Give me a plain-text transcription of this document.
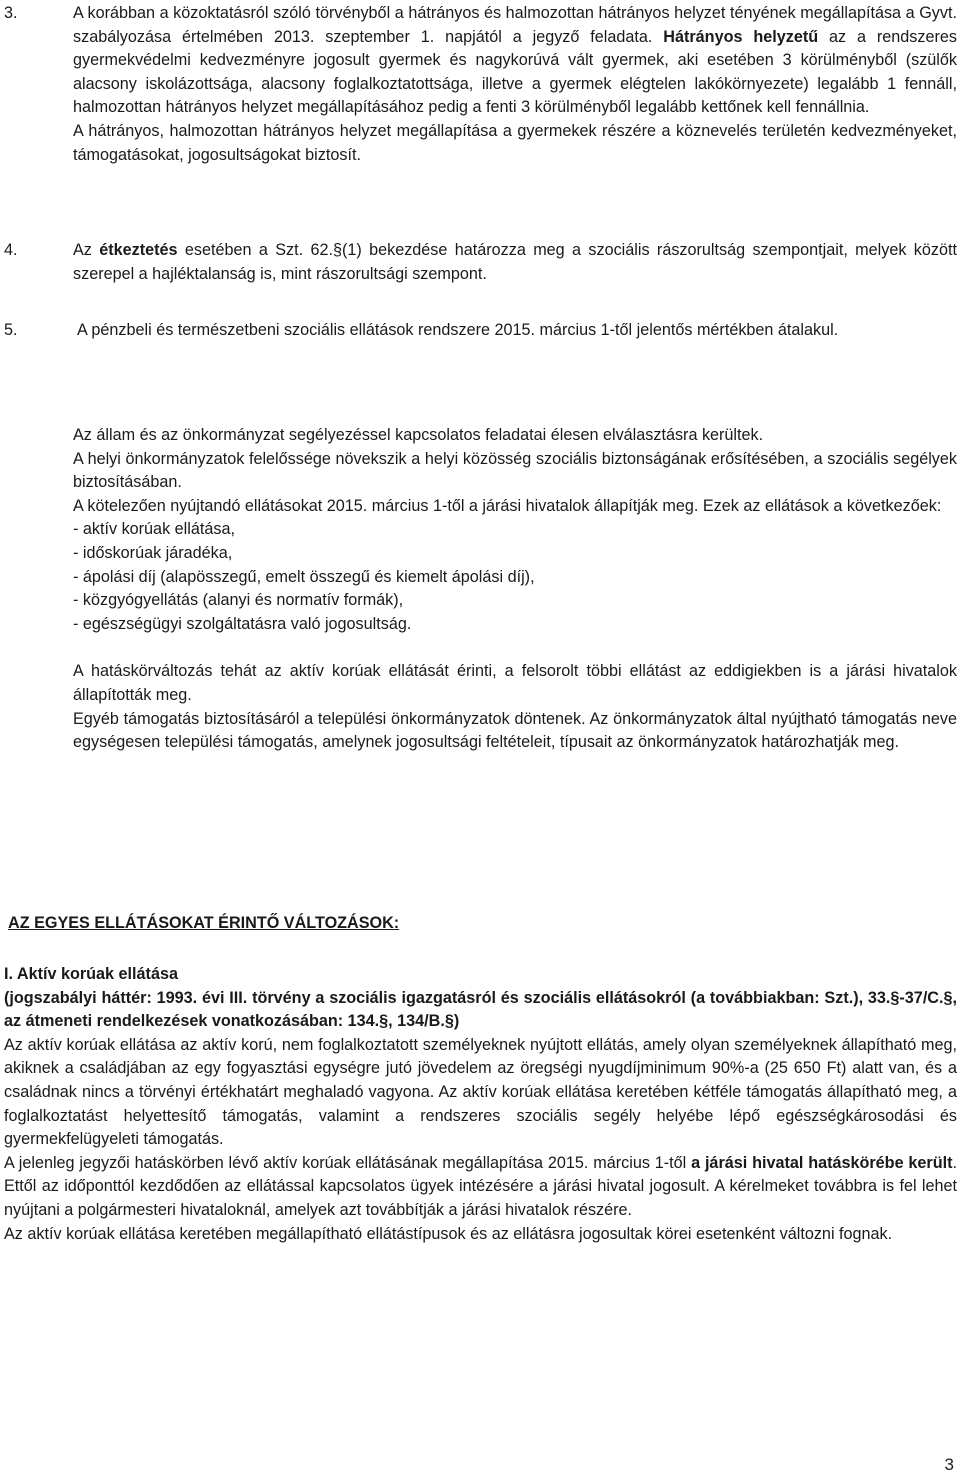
3.	A korábban a közoktatásról szóló törvényből a hátrányos és halmozottan hátrányos helyzet tényének megállapítása a Gyvt. szabályozása értelmében 2013. szeptember 1. napjától a jegyző feladata. Hátrányos helyzetű az a rendszeres gyermekvédelmi kedvezményre jogosult gyermek és nagykorúvá vált gyermek, aki esetében 3 körülményből (szülők alacsony iskolázottsága, alacsony foglalkoztatottsága, illetve a gyermek elégtelen lakókörnyezete) legalább 1 fennáll, halmozottan hátrányos helyzet megállapításához pedig a fenti 3 körülményből legalább kettőnek kell fennállnia.

A hátrányos, halmozottan hátrányos helyzet megállapítása a gyermekek részére a köznevelés területén kedvezményeket, támogatásokat, jogosultságokat biztosít.

4.	Az étkeztetés esetében a Szt. 62.§(1) bekezdése határozza meg a szociális rászorultság szempontjait, melyek között szerepel a hajléktalanság is, mint rászorultsági szempont.

5.	A pénzbeli és természetbeni szociális ellátások rendszere 2015. március 1-től jelentős mértékben átalakul.

Az állam és az önkormányzat segélyezéssel kapcsolatos feladatai élesen elválasztásra kerültek.

A helyi önkormányzatok felelőssége növekszik a helyi közösség szociális biztonságának erősítésében, a szociális segélyek biztosításában.

A kötelezően nyújtandó ellátásokat 2015. március 1-től a járási hivatalok állapítják meg. Ezek az ellátások a következőek:

- aktív korúak ellátása,

- időskorúak járadéka,

- ápolási díj (alapösszegű, emelt összegű és kiemelt ápolási díj),

- közgyógyellátás (alanyi és normatív formák),

- egészségügyi szolgáltatásra való jogosultság.

A hatáskörváltozás tehát az aktív korúak ellátását érinti, a felsorolt többi ellátást az eddigiekben is a járási hivatalok állapították meg.

Egyéb támogatás biztosításáról a települési önkormányzatok döntenek. Az önkormányzatok által nyújtható támogatás neve egységesen települési támogatás, amelynek jogosultsági feltételeit, típusait az önkormányzatok határozhatják meg.

AZ EGYES ELLÁTÁSOKAT ÉRINTŐ VÁLTOZÁSOK:

I. Aktív korúak ellátása

(jogszabályi háttér: 1993. évi III. törvény a szociális igazgatásról és szociális ellátásokról (a továbbiakban: Szt.), 33.§-37/C.§, az átmeneti rendelkezések vonatkozásában: 134.§, 134/B.§)

Az aktív korúak ellátása az aktív korú, nem foglalkoztatott személyeknek nyújtott ellátás, amely olyan személyeknek állapítható meg, akiknek a családjában az egy fogyasztási egységre jutó jövedelem az öregségi nyugdíjminimum 90%-a (25 650 Ft) alatt van, és a családnak nincs a törvényi értékhatárt meghaladó vagyona. Az aktív korúak ellátása keretében kétféle támogatás állapítható meg, a foglalkoztatást helyettesítő támogatás, valamint a rendszeres szociális segély helyébe lépő egészségkárosodási és gyermekfelügyeleti támogatás.

A jelenleg jegyzői hatáskörben lévő aktív korúak ellátásának megállapítása 2015. március 1-től a járási hivatal hatáskörébe került. Ettől az időponttól kezdődően az ellátással kapcsolatos ügyek intézésére a járási hivatal jogosult. A kérelmeket továbbra is fel lehet nyújtani a polgármesteri hivataloknál, amelyek azt továbbítják a járási hivatalok részére.

Az aktív korúak ellátása keretében megállapítható ellátástípusok és az ellátásra jogosultak körei esetenként változni fognak.

3
